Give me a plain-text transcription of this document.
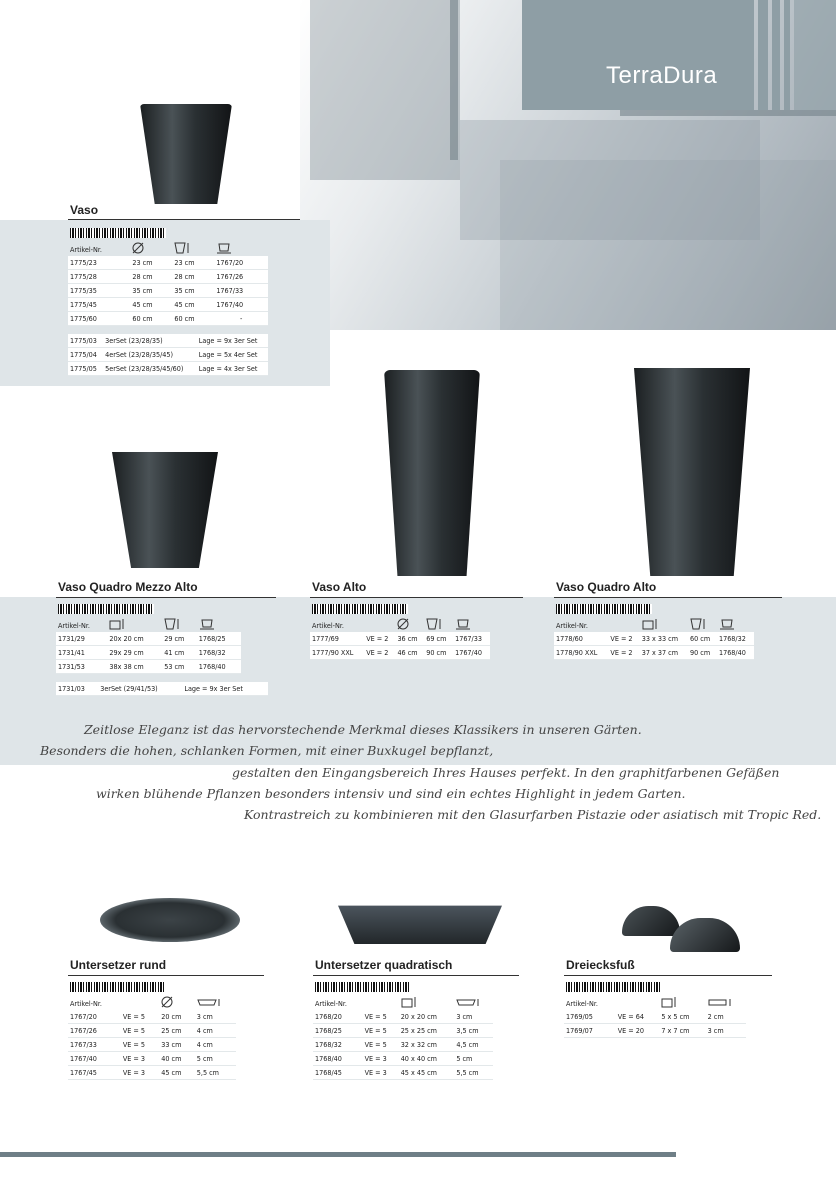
TerraDura
Vaso
Artikel-Nr.			
1775/23	23 cm	23 cm	1767/20
1775/28	28 cm	28 cm	1767/26
1775/35	35 cm	35 cm	1767/33
1775/45	45 cm	45 cm	1767/40
1775/60	60 cm	60 cm	-
1775/03	3erSet (23/28/35)	Lage = 9x 3er Set
1775/04	4erSet (23/28/35/45)	Lage = 5x 4er Set
1775/05	5erSet (23/28/35/45/60)	Lage = 4x 3er Set
Vaso Quadro Mezzo Alto
Artikel-Nr.			
1731/29	20x 20 cm	29 cm	1768/25
1731/41	29x 29 cm	41 cm	1768/32
1731/53	38x 38 cm	53 cm	1768/40
1731/03	3erSet (29/41/53)	Lage = 9x 3er Set
Vaso Alto
Artikel-Nr.				
1777/69	VE = 2	36 cm	69 cm	1767/33
1777/90 XXL	VE = 2	46 cm	90 cm	1767/40
Vaso Quadro Alto
Artikel-Nr.				
1778/60	VE = 2	33 x 33 cm	60 cm	1768/32
1778/90 XXL	VE = 2	37 x 37 cm	90 cm	1768/40
Zeitlose Eleganz ist das hervorstechende Merkmal dieses Klassikers in unseren Gärten.
Besonders die hohen, schlanken Formen, mit einer Buxkugel bepflanzt,
gestalten den Eingangsbereich Ihres Hauses perfekt. In den graphitfarbenen Gefäßen
wirken blühende Pflanzen besonders intensiv und sind ein echtes Highlight in jedem Garten.
Kontrastreich zu kombinieren mit den Glasurfarben Pistazie oder asiatisch mit Tropic Red.
Untersetzer rund
Artikel-Nr.			
1767/20	VE = 5	20 cm	3 cm
1767/26	VE = 5	25 cm	4 cm
1767/33	VE = 5	33 cm	4 cm
1767/40	VE = 3	40 cm	5 cm
1767/45	VE = 3	45 cm	5,5 cm
Untersetzer quadratisch
Artikel-Nr.			
1768/20	VE = 5	20 x 20 cm	3 cm
1768/25	VE = 5	25 x 25 cm	3,5 cm
1768/32	VE = 5	32 x 32 cm	4,5 cm
1768/40	VE = 3	40 x 40 cm	5 cm
1768/45	VE = 3	45 x 45 cm	5,5 cm
Dreiecksfuß
Artikel-Nr.			
1769/05	VE = 64	5 x 5 cm	2 cm
1769/07	VE = 20	7 x 7 cm	3 cm
